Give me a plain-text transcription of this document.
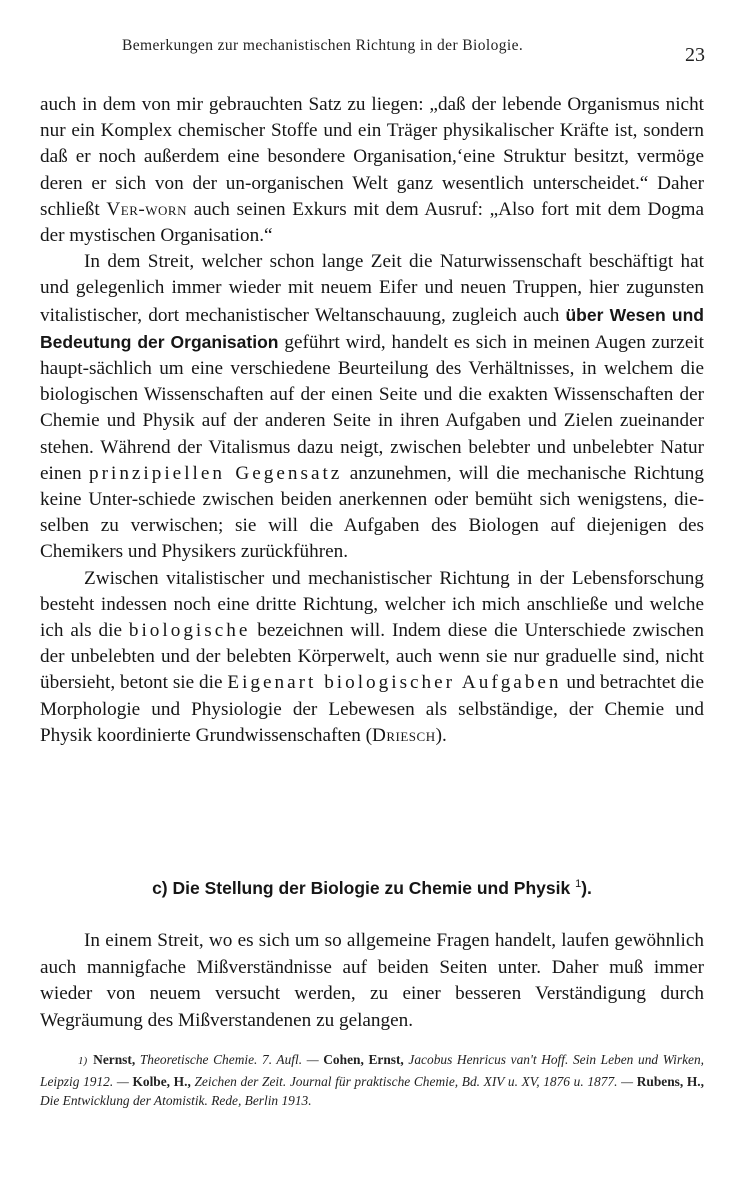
Bemerkungen zur mechanistischen Richtung in der Biologie.	23

auch in dem von mir gebrauchten Satz zu liegen: „daß der lebende Organismus nicht nur ein Komplex chemischer Stoffe und ein Träger physikalischer Kräfte ist, sondern daß er noch außerdem eine besondere Organisation,‘eine Struktur besitzt, vermöge deren er sich von der un-organischen Welt ganz wesentlich unterscheidet.“ Daher schließt Ver-worn auch seinen Exkurs mit dem Ausruf: „Also fort mit dem Dogma der mystischen Organisation.“

In dem Streit, welcher schon lange Zeit die Naturwissenschaft beschäftigt hat und gelegenlich immer wieder mit neuem Eifer und neuen Truppen, hier zugunsten vitalistischer, dort mechanistischer Weltanschauung, zugleich auch über Wesen und Bedeutung der Organisation geführt wird, handelt es sich in meinen Augen zurzeit haupt-sächlich um eine verschiedene Beurteilung des Verhältnisses, in welchem die biologischen Wissenschaften auf der einen Seite und die exakten Wissenschaften der Chemie und Physik auf der anderen Seite in ihren Aufgaben und Zielen zueinander stehen. Während der Vitalismus dazu neigt, zwischen belebter und unbelebter Natur einen prinzipiellen Gegensatz anzunehmen, will die mechanische Richtung keine Unter-schiede zwischen beiden anerkennen oder bemüht sich wenigstens, die-selben zu verwischen; sie will die Aufgaben des Biologen auf diejenigen des Chemikers und Physikers zurückführen.

Zwischen vitalistischer und mechanistischer Richtung in der Lebensforschung besteht indessen noch eine dritte Richtung, welcher ich mich anschließe und welche ich als die biologische bezeichnen will. Indem diese die Unterschiede zwischen der unbelebten und der belebten Körperwelt, auch wenn sie nur graduelle sind, nicht übersieht, betont sie die Eigenart biologischer Aufgaben und betrachtet die Morphologie und Physiologie der Lebewesen als selbständige, der Chemie und Physik koordinierte Grundwissenschaften (Driesch).

c) Die Stellung der Biologie zu Chemie und Physik $^1$).

In einem Streit, wo es sich um so allgemeine Fragen handelt, laufen gewöhnlich auch mannigfache Mißverständnisse auf beiden Seiten unter. Daher muß immer wieder von neuem versucht werden, zu einer besseren Verständigung durch Wegräumung des Mißverstandenen zu gelangen.

1) Nernst, Theoretische Chemie. 7. Aufl. — Cohen, Ernst, Jacobus Henricus van't Hoff. Sein Leben und Wirken, Leipzig 1912. — Kolbe, H., Zeichen der Zeit. Journal für praktische Chemie, Bd. XIV u. XV, 1876 u. 1877. — Rubens, H., Die Entwicklung der Atomistik. Rede, Berlin 1913.
